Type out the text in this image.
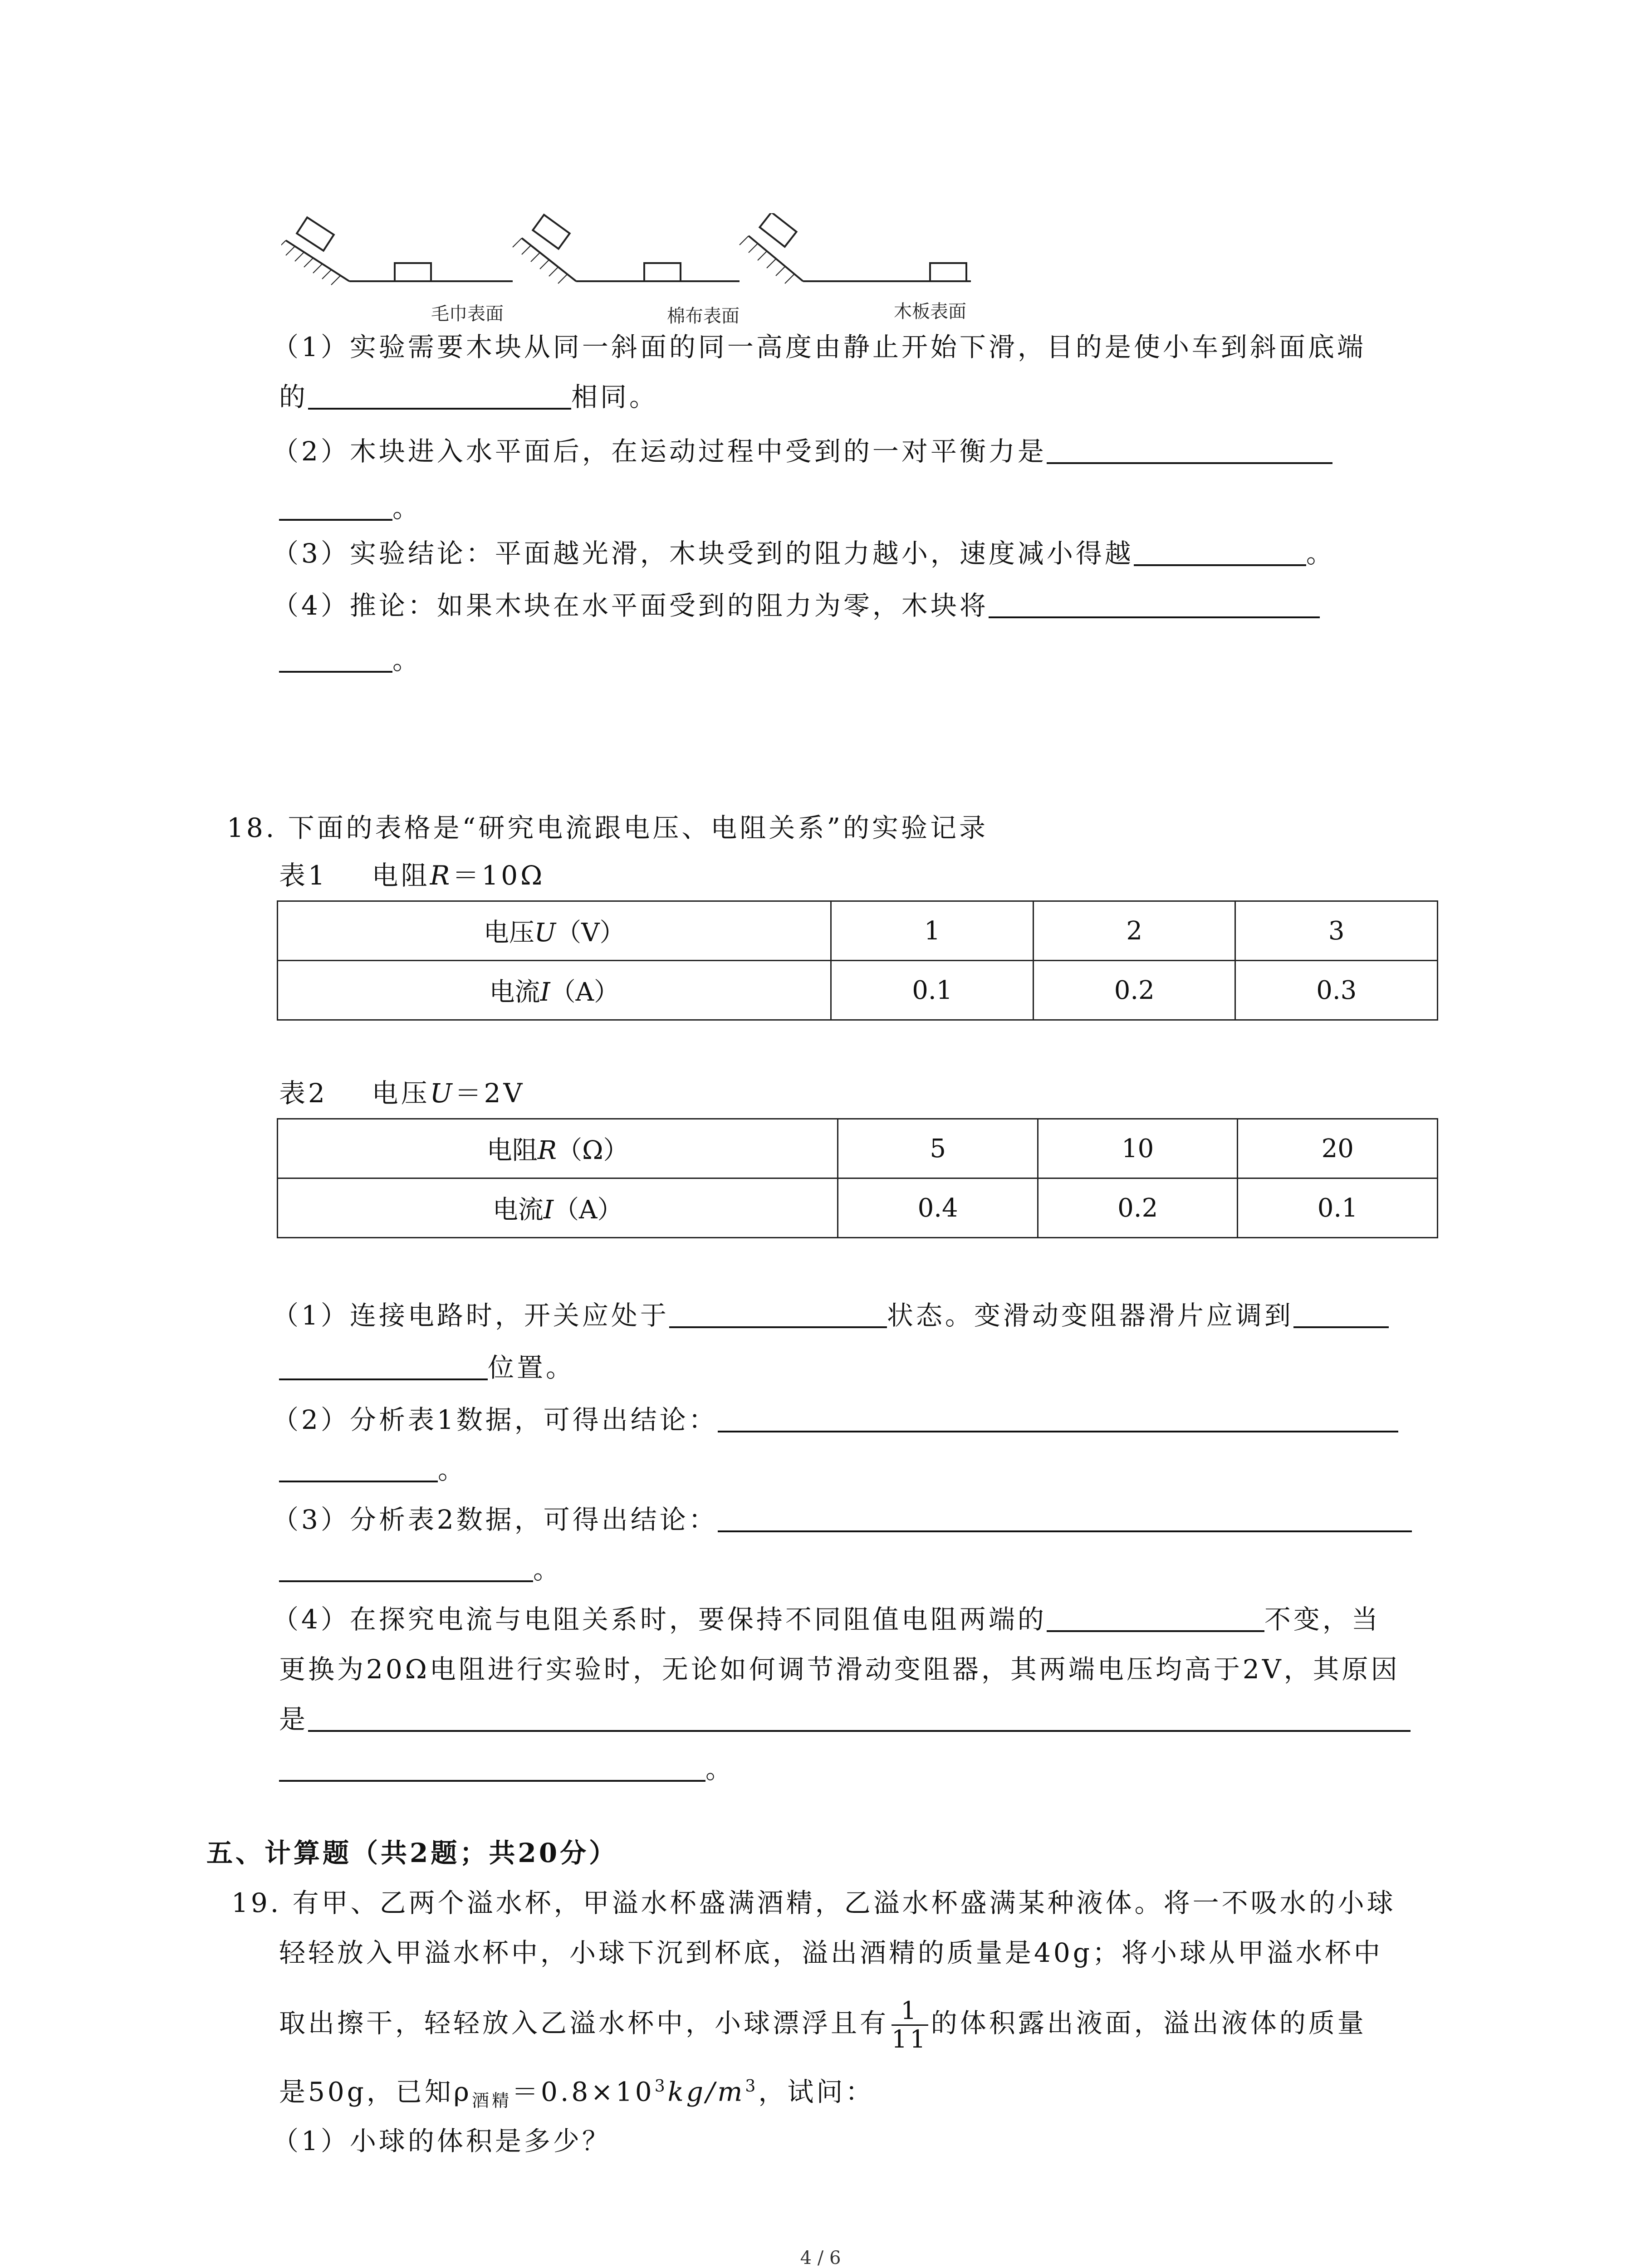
毛巾表面	棉布表面	木板表面
（1）实验需要木块从同一斜面的同一高度由静止开始下滑，目的是使小车到斜面底端
的	相同。
（2）木块进入水平面后，在运动过程中受到的一对平衡力是
。
（3）实验结论：平面越光滑，木块受到的阻力越小，速度减小得越	。
（4）推论：如果木块在水平面受到的阻力为零，木块将
。
18. 下面的表格是“研究电流跟电压、电阻关系”的实验记录
表1 电阻R＝10Ω
电压U（V）	1	2	3
电流I（A）	0.1	0.2	0.3
表2 电压U＝2V
电阻R（Ω）	5	10	20
电流I（A）	0.4	0.2	0.1
（1）连接电路时，开关应处于	状态。变滑动变阻器滑片应调到
位置。
（2）分析表1数据，可得出结论：
。
（3）分析表2数据，可得出结论：
。
（4）在探究电流与电阻关系时，要保持不同阻值电阻两端的	不变，当
更换为20Ω电阻进行实验时，无论如何调节滑动变阻器，其两端电压均高于2V，其原因
是
。
五、计算题（共2题；共20分）
19. 有甲、乙两个溢水杯，甲溢水杯盛满酒精，乙溢水杯盛满某种液体。将一不吸水的小球
轻轻放入甲溢水杯中，小球下沉到杯底，溢出酒精的质量是40g；将小球从甲溢水杯中
取出擦干，轻轻放入乙溢水杯中，小球漂浮且有 $\frac{1}{11}$ 的体积露出液面，溢出液体的质量
是50g，已知$\rho_{酒精}=0.8\times 10^3kg/m^3$，试问：
（1）小球的体积是多少？
4 / 6
